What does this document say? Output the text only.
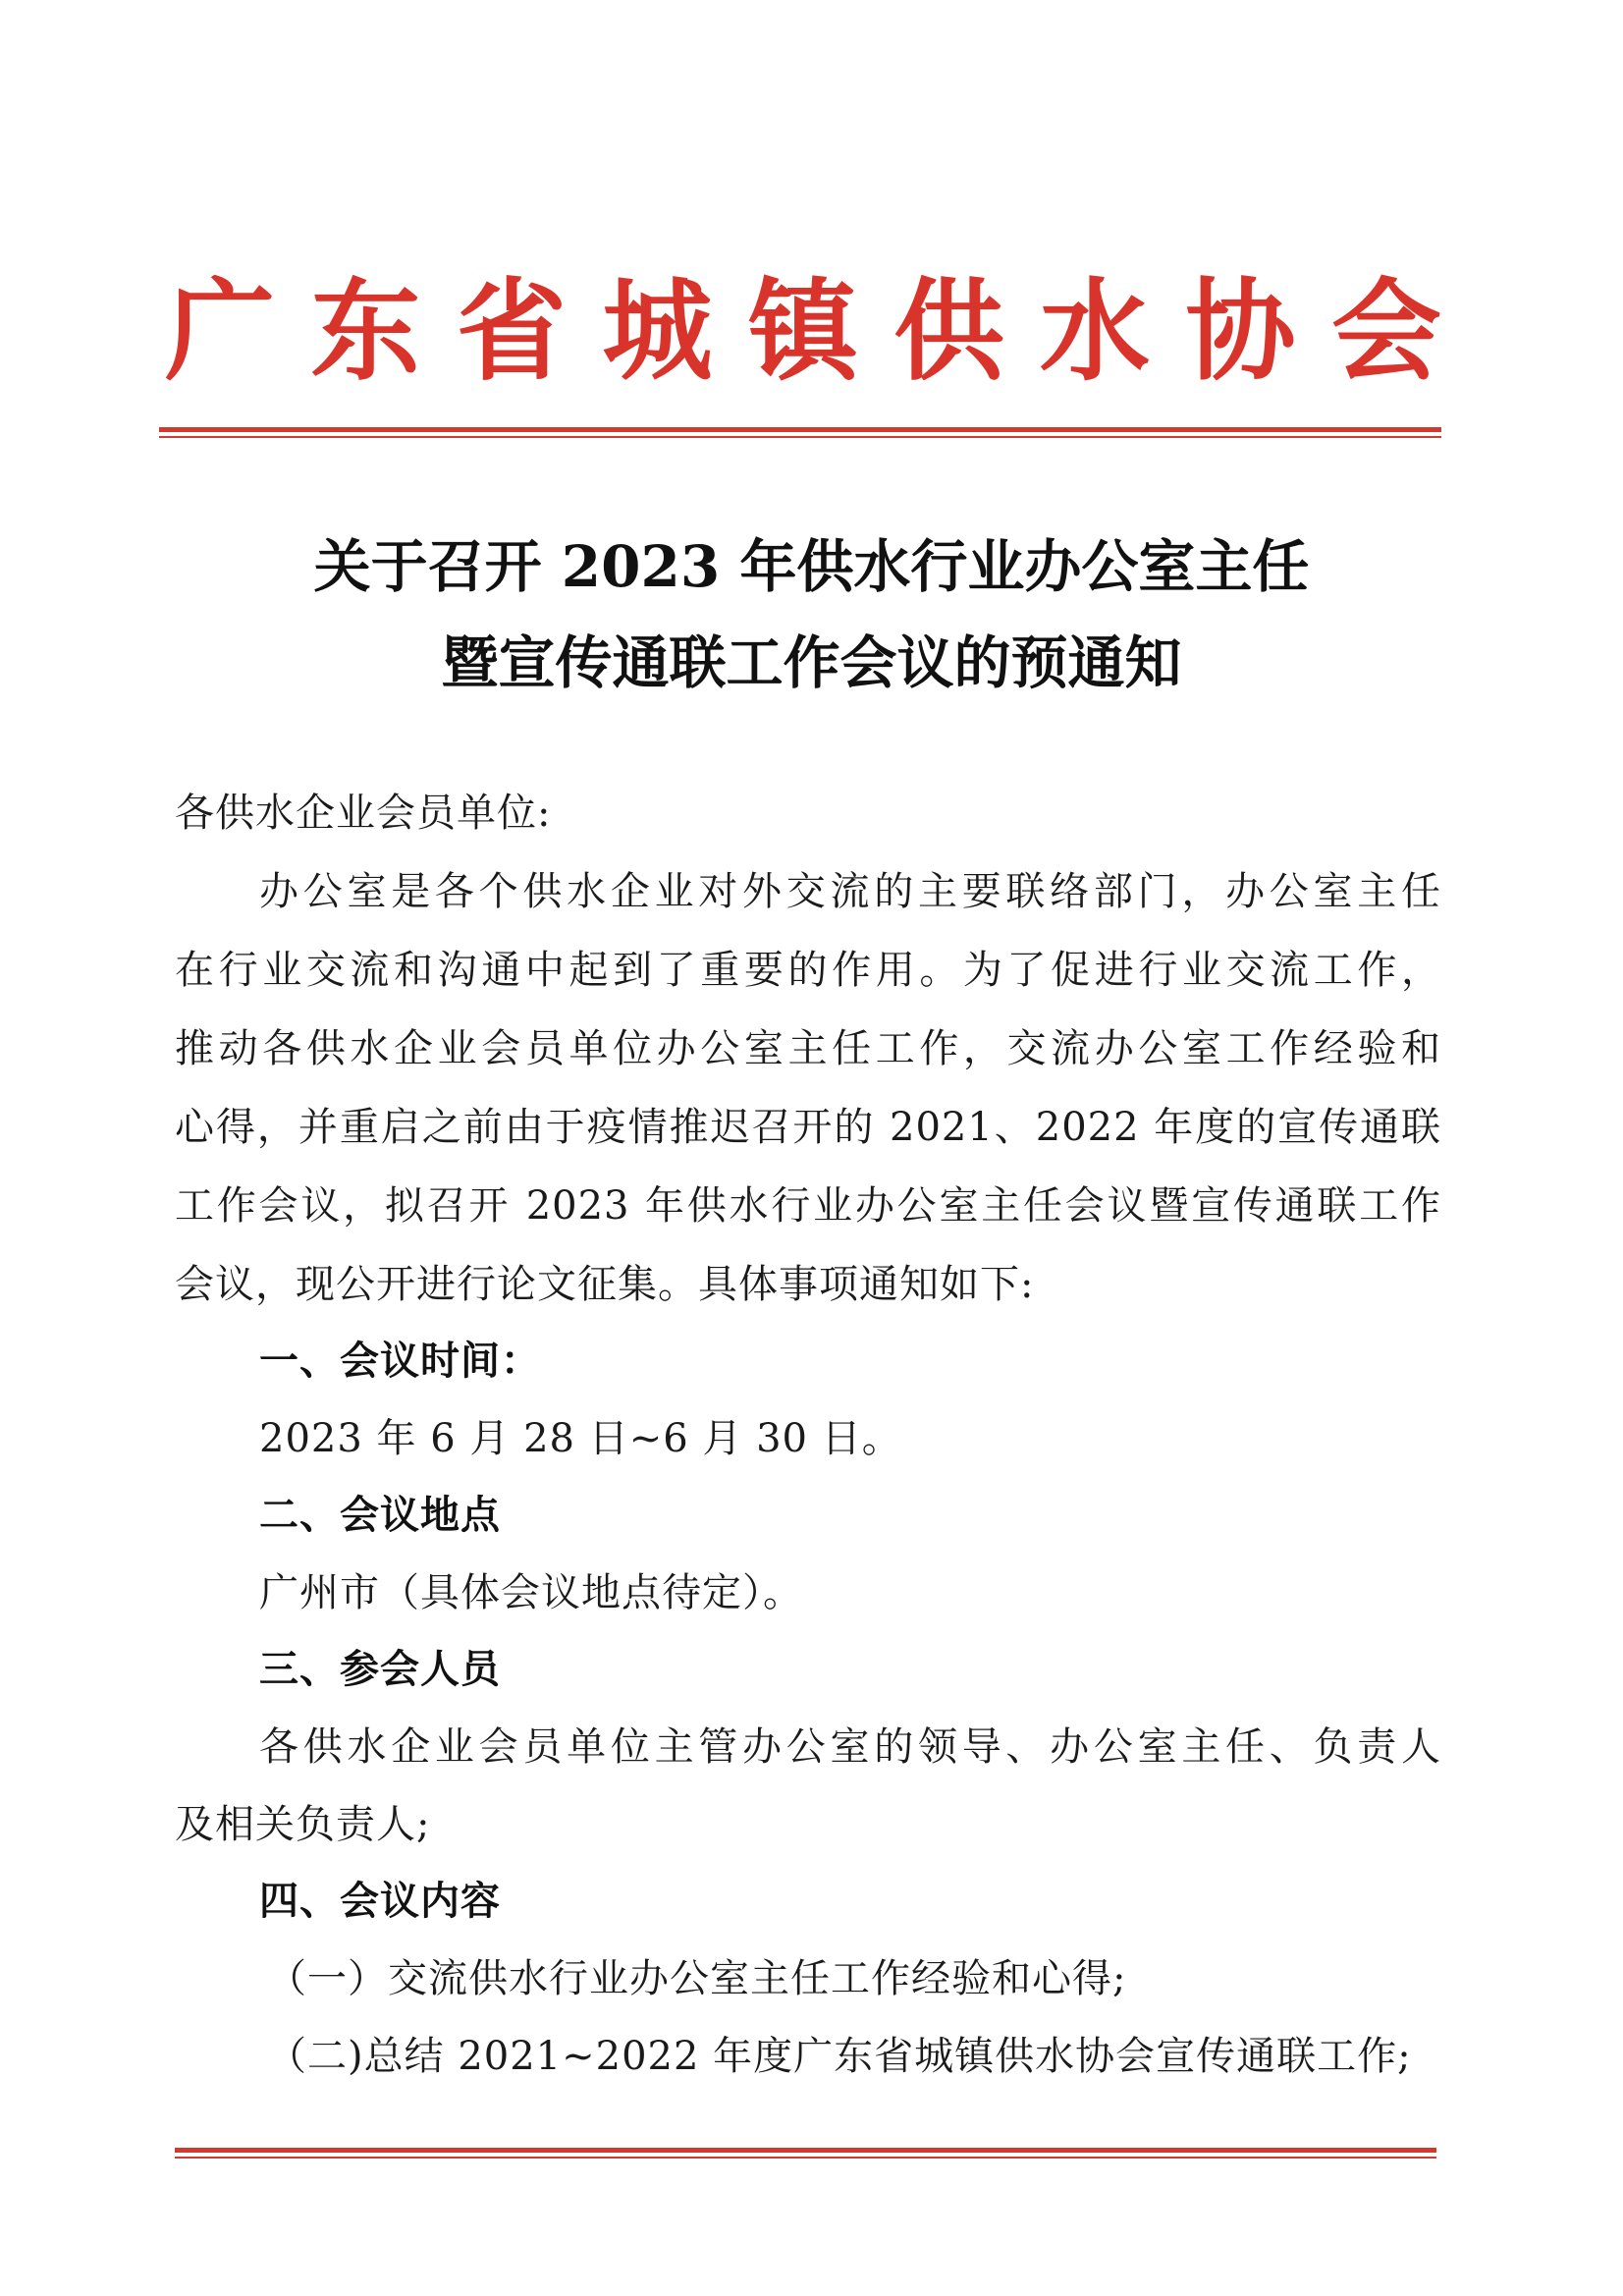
广 东 省 城 镇 供 水 协 会
关于召开 2023 年供水行业办公室主任
暨宣传通联工作会议的预通知
各供水企业会员单位:
办公室是各个供水企业对外交流的主要联络部门，办公室主任
在行业交流和沟通中起到了重要的作用。为了促进行业交流工作，
推动各供水企业会员单位办公室主任工作，交流办公室工作经验和
心得，并重启之前由于疫情推迟召开的 2021、2022 年度的宣传通联
工作会议，拟召开 2023 年供水行业办公室主任会议暨宣传通联工作
会议，现公开进行论文征集。具体事项通知如下:
一、会议时间：
2023 年 6 月 28 日~6 月 30 日。
二、会议地点
广州市（具体会议地点待定）。
三、参会人员
各供水企业会员单位主管办公室的领导、办公室主任、负责人
及相关负责人;
四、会议内容
（一）交流供水行业办公室主任工作经验和心得;
（二)总结 2021~2022 年度广东省城镇供水协会宣传通联工作;
